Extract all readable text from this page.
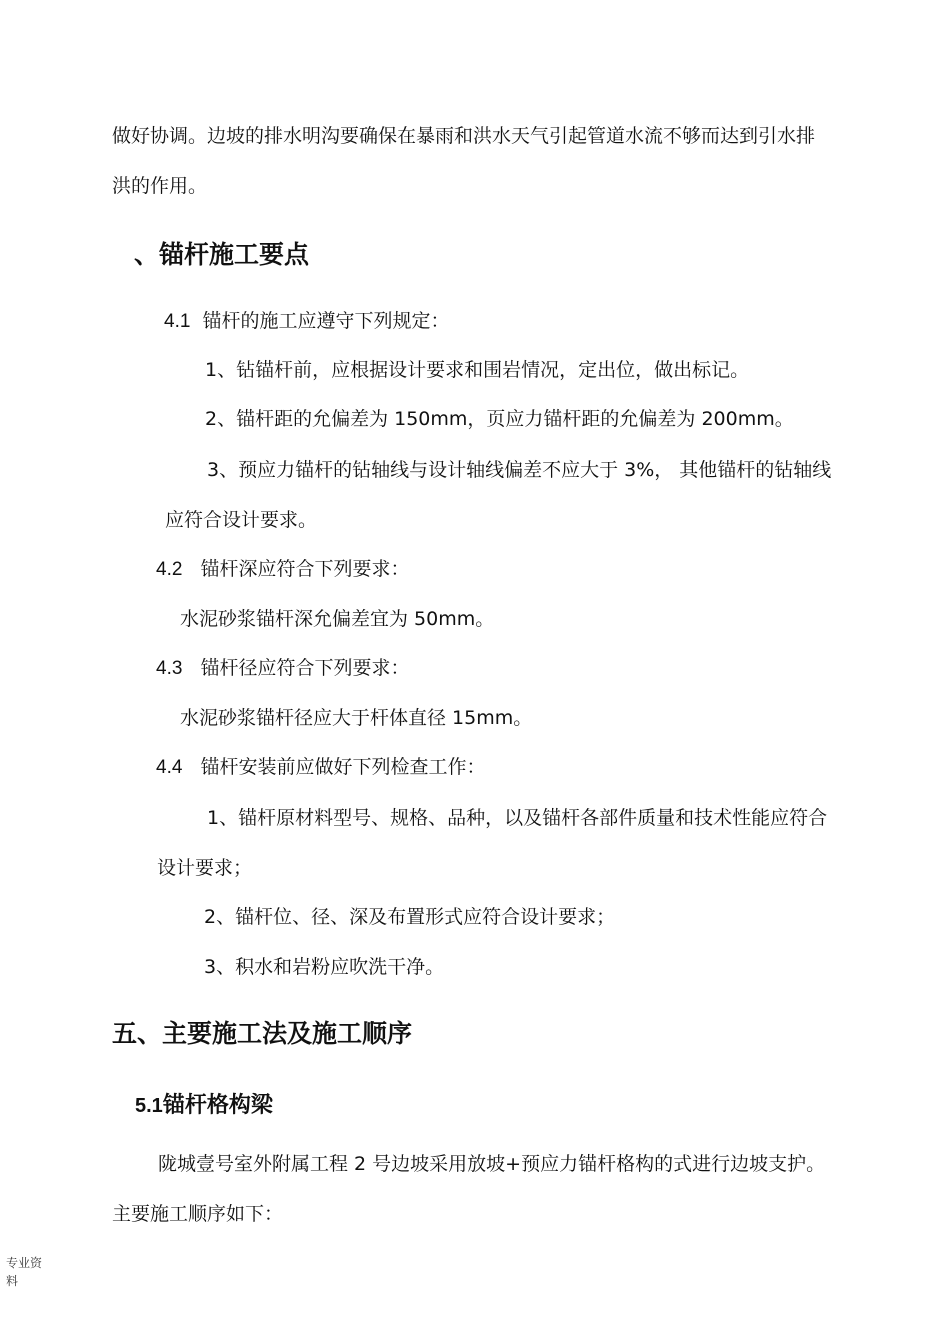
做好协调。边坡的排水明沟要确保在暴雨和洪水天气引起管道水流不够而达到引水排
洪的作用。
、锚杆施工要点
4.1 锚杆的施工应遵守下列规定：
1、钻锚杆前，应根据设计要求和围岩情况，定出位，做出标记。
2、锚杆距的允偏差为 150mm，页应力锚杆距的允偏差为 200mm。
3、预应力锚杆的钻轴线与设计轴线偏差不应大于 3%， 其他锚杆的钻轴线
应符合设计要求。
4.2 锚杆深应符合下列要求：
水泥砂浆锚杆深允偏差宜为 50mm。
4.3 锚杆径应符合下列要求：
水泥砂浆锚杆径应大于杆体直径 15mm。
4.4 锚杆安装前应做好下列检查工作：
1、锚杆原材料型号、规格、品种，以及锚杆各部件质量和技术性能应符合
设计要求；
2、锚杆位、径、深及布置形式应符合设计要求；
3、积水和岩粉应吹洗干净。
五、主要施工法及施工顺序
5.1锚杆格构梁
陇城壹号室外附属工程 2 号边坡采用放坡+预应力锚杆格构的式进行边坡支护。
主要施工顺序如下：
专业资料
